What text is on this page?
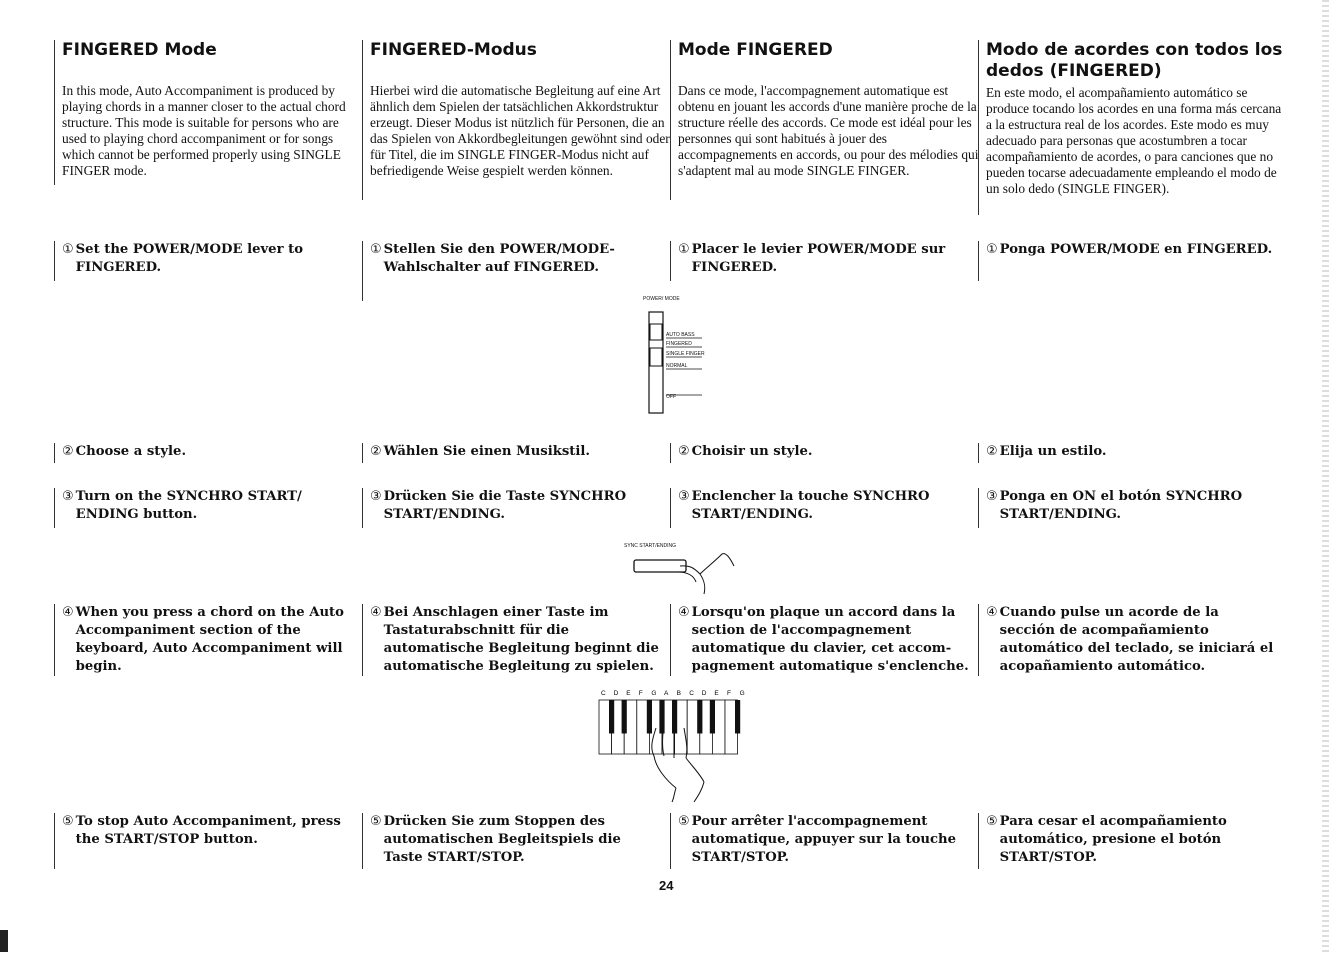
FINGERED Mode

In this mode, Auto Accompaniment is produced by playing chords in a manner closer to the actual chord structure. This mode is suitable for persons who are used to playing chord accompaniment or for songs which cannot be performed properly using SINGLE FINGER mode.

FINGERED-Modus

Hierbei wird die automatische Begleitung auf eine Art ähnlich dem Spielen der tatsächlichen Akkordstruktur erzeugt. Dieser Modus ist nützlich für Personen, die an das Spielen von Akkordbegleitungen gewöhnt sind oder für Titel, die im SINGLE FINGER-Modus nicht auf befriedigende Weise gespielt werden können.

Mode FINGERED

Dans ce mode, l'accompagnement automatique est obtenu en jouant les accords d'une manière proche de la structure réelle des accords. Ce mode est idéal pour les personnes qui sont habitués à jouer des accompagnements en accords, ou pour des mélodies qui s'adaptent mal au mode SINGLE FINGER.

Modo de acordes con todos los dedos (FINGERED)

En este modo, el acompañamiento automático se produce tocando los acordes en una forma más cercana a la estructura real de los acordes. Este modo es muy adecuado para personas que acostumbren a tocar acompañamiento de acordes, o para canciones que no pueden tocarse adecuadamente empleando el modo de un solo dedo (SINGLE FINGER).

① Set the POWER/MODE lever to FINGERED.
① Stellen Sie den POWER/MODE-Wahlschalter auf FINGERED.
① Placer le levier POWER/MODE sur FINGERED.
① Ponga POWER/MODE en FINGERED.
POWER/ MODE
AUTO BASS
FINGERED
SINGLE FINGER
NORMAL
OFF
② Choose a style.	② Wählen Sie einen Musikstil.	② Choisir un style.	② Elija un estilo.
③ Turn on the SYNCHRO START/ ENDING button.
③ Drücken Sie die Taste SYNCHRO START/ENDING.
③ Enclencher la touche SYNCHRO START/ENDING.
③ Ponga en ON el botón SYNCHRO START/ENDING.
SYNC START/ENDING
④ When you press a chord on the Auto Accompaniment section of the keyboard, Auto Accompaniment will begin.
④ Bei Anschlagen einer Taste im Tastaturabschnitt für die automatische Begleitung beginnt die automatische Begleitung zu spielen.
④ Lorsqu'on plaque un accord dans la section de l'accompagnement automatique du clavier, cet accom-pagnement automatique s'enclenche.
④ Cuando pulse un acorde de la sección de acompañamiento automático del teclado, se iniciará el acopañamiento automático.
C D E F G A B C D E F G
⑤ To stop Auto Accompaniment, press the START/STOP button.
⑤ Drücken Sie zum Stoppen des automatischen Begleitspiels die Taste START/STOP.
⑤ Pour arrêter l'accompagnement automatique, appuyer sur la touche START/STOP.
⑤ Para cesar el acompañamiento automático, presione el botón START/STOP.
24
